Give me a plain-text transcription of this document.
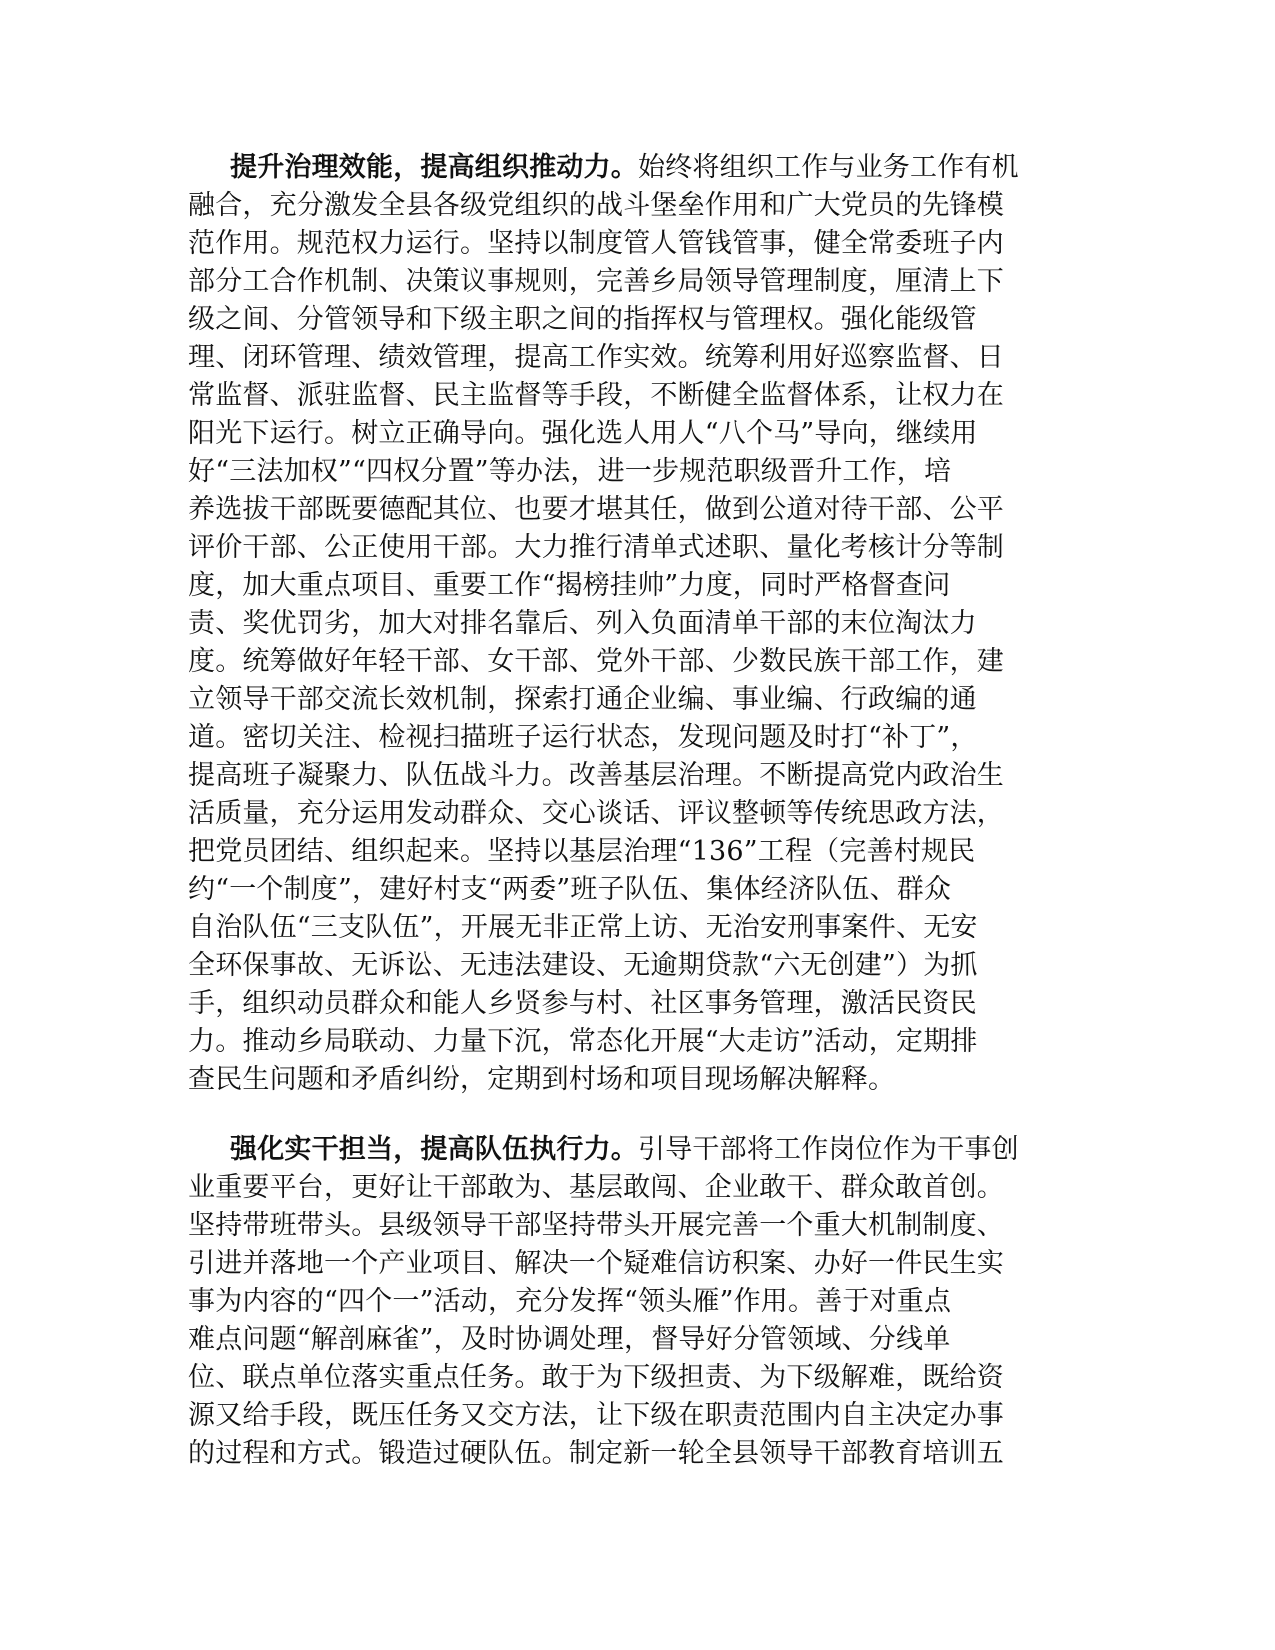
提升治理效能，提高组织推动力。始终将组织工作与业务工作有机
融合，充分激发全县各级党组织的战斗堡垒作用和广大党员的先锋模
范作用。规范权力运行。坚持以制度管人管钱管事，健全常委班子内
部分工合作机制、决策议事规则，完善乡局领导管理制度，厘清上下
级之间、分管领导和下级主职之间的指挥权与管理权。强化能级管
理、闭环管理、绩效管理，提高工作实效。统筹利用好巡察监督、日
常监督、派驻监督、民主监督等手段，不断健全监督体系，让权力在
阳光下运行。树立正确导向。强化选人用人“八个马”导向，继续用
好“三法加权”“四权分置”等办法，进一步规范职级晋升工作，培
养选拔干部既要德配其位、也要才堪其任，做到公道对待干部、公平
评价干部、公正使用干部。大力推行清单式述职、量化考核计分等制
度，加大重点项目、重要工作“揭榜挂帅”力度，同时严格督查问
责、奖优罚劣，加大对排名靠后、列入负面清单干部的末位淘汰力
度。统筹做好年轻干部、女干部、党外干部、少数民族干部工作，建
立领导干部交流长效机制，探索打通企业编、事业编、行政编的通
道。密切关注、检视扫描班子运行状态，发现问题及时打“补丁”，
提高班子凝聚力、队伍战斗力。改善基层治理。不断提高党内政治生
活质量，充分运用发动群众、交心谈话、评议整顿等传统思政方法，
把党员团结、组织起来。坚持以基层治理“136”工程（完善村规民
约“一个制度”，建好村支“两委”班子队伍、集体经济队伍、群众
自治队伍“三支队伍”，开展无非正常上访、无治安刑事案件、无安
全环保事故、无诉讼、无违法建设、无逾期贷款“六无创建”）为抓
手，组织动员群众和能人乡贤参与村、社区事务管理，激活民资民
力。推动乡局联动、力量下沉，常态化开展“大走访”活动，定期排
查民生问题和矛盾纠纷，定期到村场和项目现场解决解释。
强化实干担当，提高队伍执行力。引导干部将工作岗位作为干事创
业重要平台，更好让干部敢为、基层敢闯、企业敢干、群众敢首创。
坚持带班带头。县级领导干部坚持带头开展完善一个重大机制制度、
引进并落地一个产业项目、解决一个疑难信访积案、办好一件民生实
事为内容的“四个一”活动，充分发挥“领头雁”作用。善于对重点
难点问题“解剖麻雀”，及时协调处理，督导好分管领域、分线单
位、联点单位落实重点任务。敢于为下级担责、为下级解难，既给资
源又给手段，既压任务又交方法，让下级在职责范围内自主决定办事
的过程和方式。锻造过硬队伍。制定新一轮全县领导干部教育培训五
